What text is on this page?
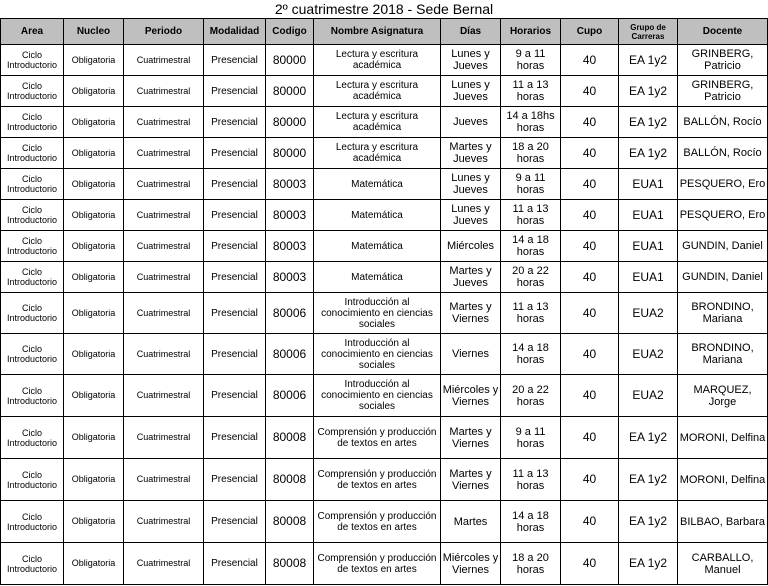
2º cuatrimestre 2018 - Sede Bernal
Area	Nucleo	Periodo	Modalidad	Codigo	Nombre Asignatura	Días	Horarios	Cupo	Grupo de Carreras	Docente
Ciclo Introductorio	Obligatoria	Cuatrimestral	Presencial	80000	Lectura y escritura académica	Lunes y Jueves	9 a 11 horas	40	EA 1y2	GRINBERG, Patricio
Ciclo Introductorio	Obligatoria	Cuatrimestral	Presencial	80000	Lectura y escritura académica	Lunes y Jueves	11 a 13 horas	40	EA 1y2	GRINBERG, Patricio
Ciclo Introductorio	Obligatoria	Cuatrimestral	Presencial	80000	Lectura y escritura académica	Jueves	14 a 18hs horas	40	EA 1y2	BALLÓN, Rocío
Ciclo Introductorio	Obligatoria	Cuatrimestral	Presencial	80000	Lectura y escritura académica	Martes y Jueves	18 a 20 horas	40	EA 1y2	BALLÓN, Rocío
Ciclo Introductorio	Obligatoria	Cuatrimestral	Presencial	80003	Matemática	Lunes y Jueves	9 a 11 horas	40	EUA1	PESQUERO, Ero
Ciclo Introductorio	Obligatoria	Cuatrimestral	Presencial	80003	Matemática	Lunes y Jueves	11 a 13 horas	40	EUA1	PESQUERO, Ero
Ciclo Introductorio	Obligatoria	Cuatrimestral	Presencial	80003	Matemática	Miércoles	14 a 18 horas	40	EUA1	GUNDIN, Daniel
Ciclo Introductorio	Obligatoria	Cuatrimestral	Presencial	80003	Matemática	Martes y Jueves	20 a 22 horas	40	EUA1	GUNDIN, Daniel
Ciclo Introductorio	Obligatoria	Cuatrimestral	Presencial	80006	Introducción al conocimiento en ciencias sociales	Martes y Viernes	11 a 13 horas	40	EUA2	BRONDINO, Mariana
Ciclo Introductorio	Obligatoria	Cuatrimestral	Presencial	80006	Introducción al conocimiento en ciencias sociales	Viernes	14 a 18 horas	40	EUA2	BRONDINO, Mariana
Ciclo Introductorio	Obligatoria	Cuatrimestral	Presencial	80006	Introducción al conocimiento en ciencias sociales	Miércoles y Viernes	20 a 22 horas	40	EUA2	MARQUEZ, Jorge
Ciclo Introductorio	Obligatoria	Cuatrimestral	Presencial	80008	Comprensión y producción de textos en artes	Martes y Viernes	9 a 11 horas	40	EA 1y2	MORONI, Delfina
Ciclo Introductorio	Obligatoria	Cuatrimestral	Presencial	80008	Comprensión y producción de textos en artes	Martes y Viernes	11 a 13 horas	40	EA 1y2	MORONI, Delfina
Ciclo Introductorio	Obligatoria	Cuatrimestral	Presencial	80008	Comprensión y producción de textos en artes	Martes	14 a 18 horas	40	EA 1y2	BILBAO, Barbara
Ciclo Introductorio	Obligatoria	Cuatrimestral	Presencial	80008	Comprensión y producción de textos en artes	Miércoles y Viernes	18 a 20 horas	40	EA 1y2	CARBALLO, Manuel
